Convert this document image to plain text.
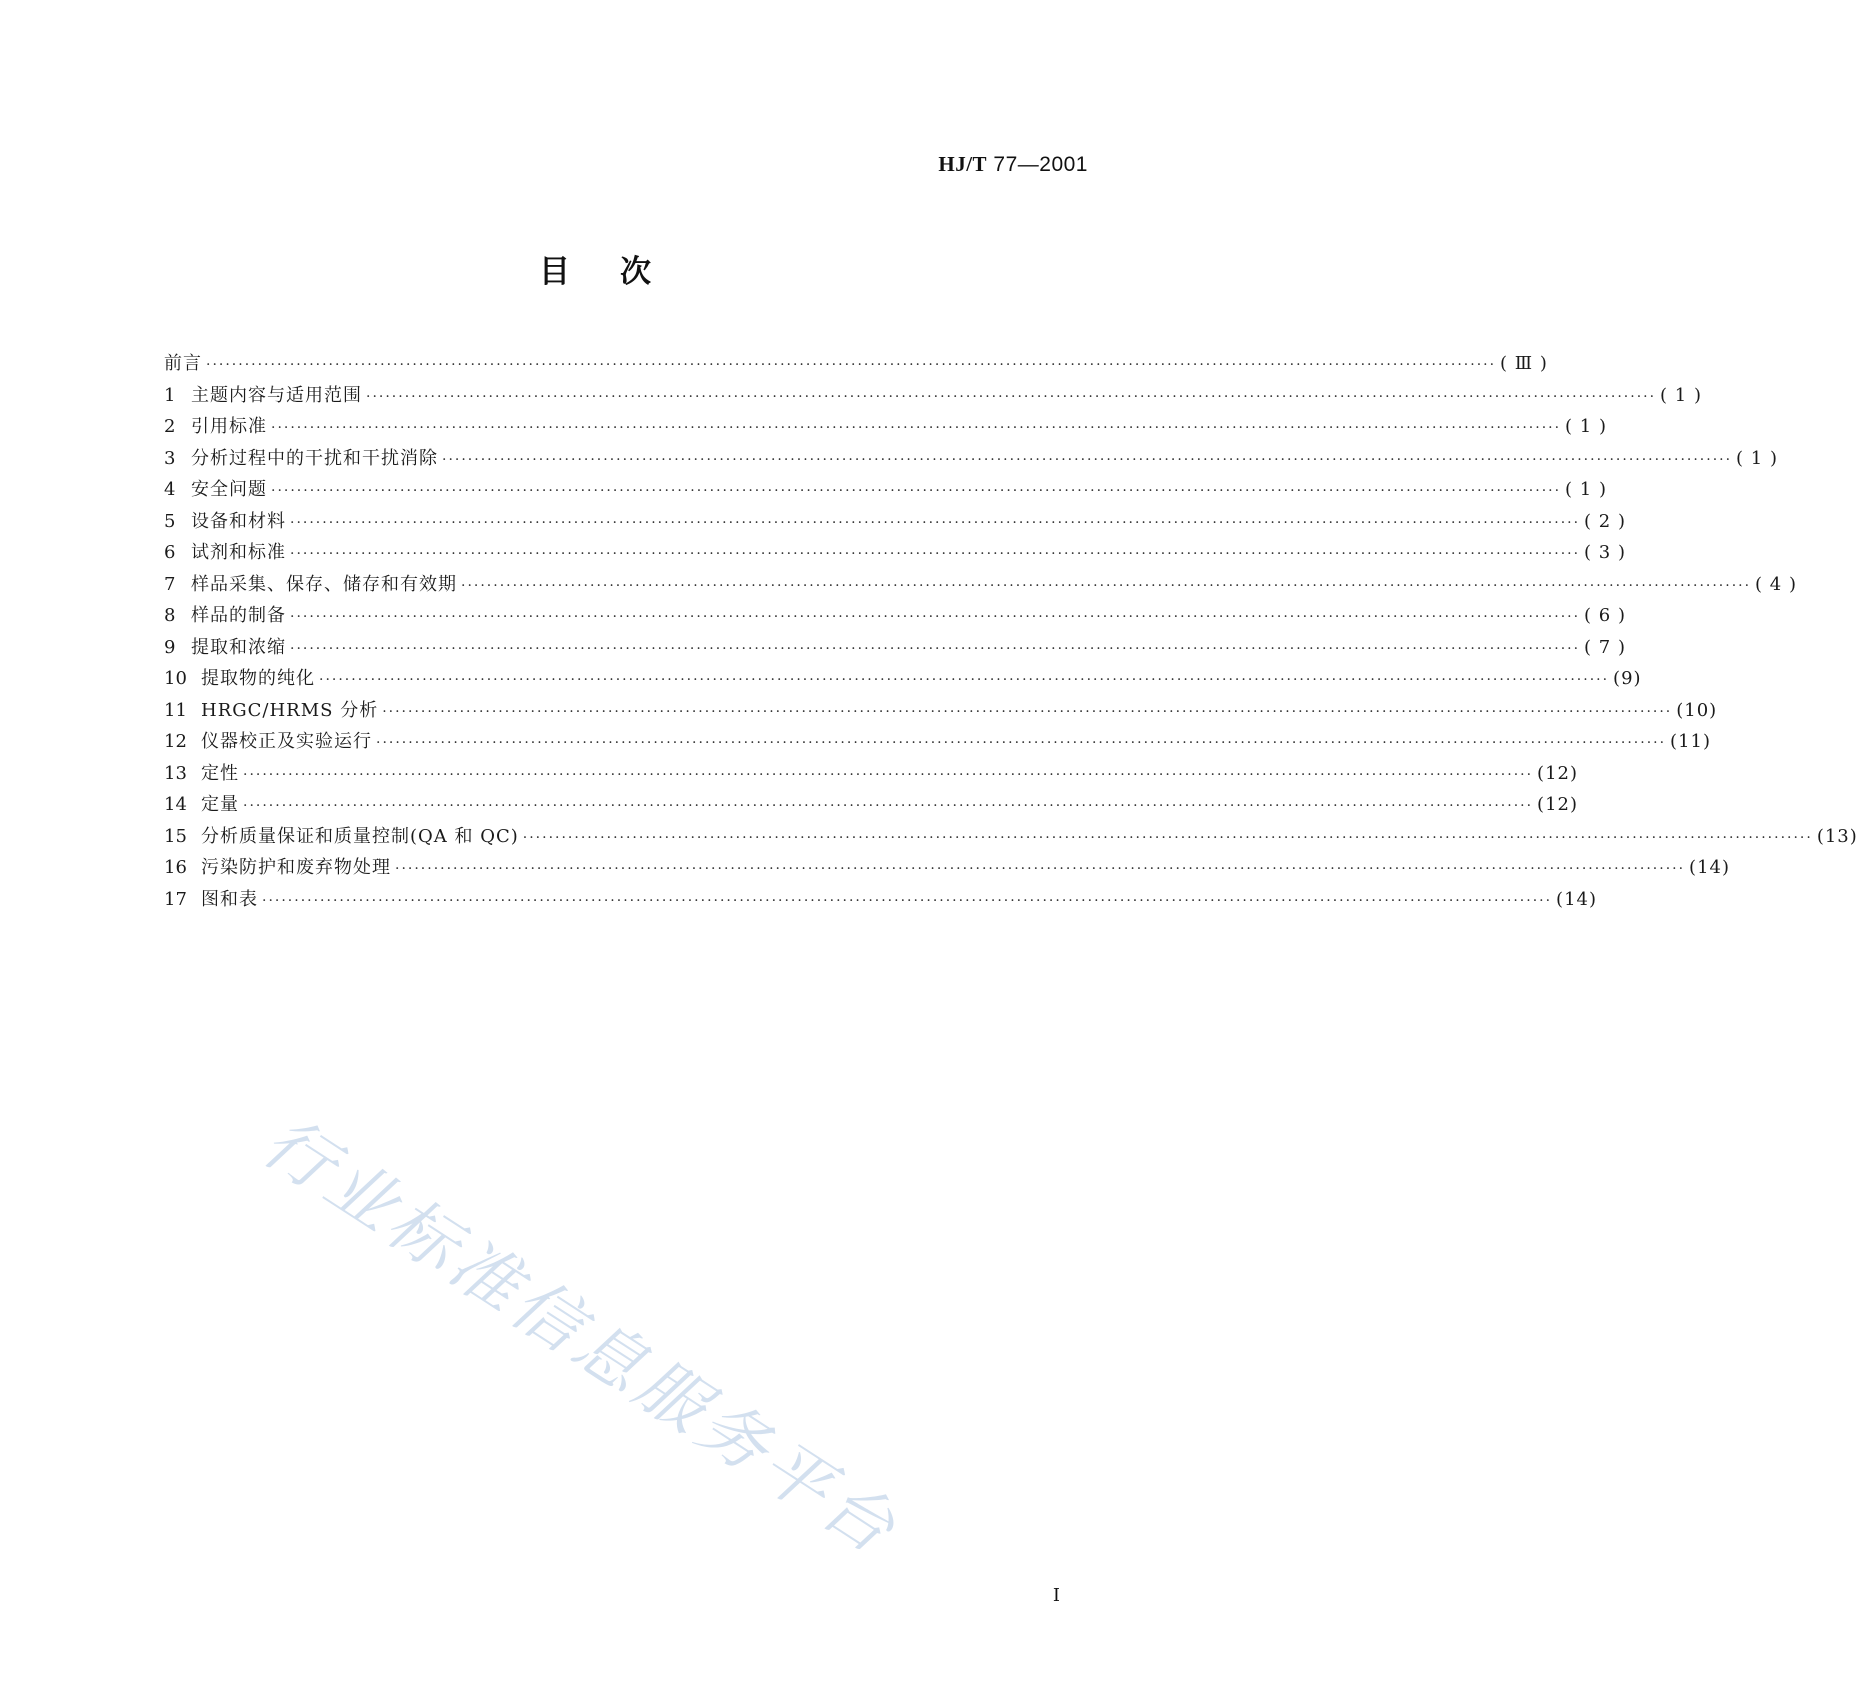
HJ/T 77—2001
目次
前言 ········································································································································································································ ( Ⅲ )
1 主题内容与适用范围 ········································································································································································································ ( 1 )
2 引用标准 ········································································································································································································ ( 1 )
3 分析过程中的干扰和干扰消除 ········································································································································································································ ( 1 )
4 安全问题 ········································································································································································································ ( 1 )
5 设备和材料 ········································································································································································································ ( 2 )
6 试剂和标准 ········································································································································································································ ( 3 )
7 样品采集、保存、储存和有效期 ········································································································································································································ ( 4 )
8 样品的制备 ········································································································································································································ ( 6 )
9 提取和浓缩 ········································································································································································································ ( 7 )
10 提取物的纯化 ········································································································································································································ (9)
11 HRGC/HRMS 分析 ········································································································································································································ (10)
12 仪器校正及实验运行 ········································································································································································································ (11)
13 定性 ········································································································································································································ (12)
14 定量 ········································································································································································································ (12)
15 分析质量保证和质量控制(QA 和 QC) ········································································································································································································ (13)
16 污染防护和废弃物处理 ········································································································································································································ (14)
17 图和表 ········································································································································································································ (14)
行业标准信息服务平台
I
